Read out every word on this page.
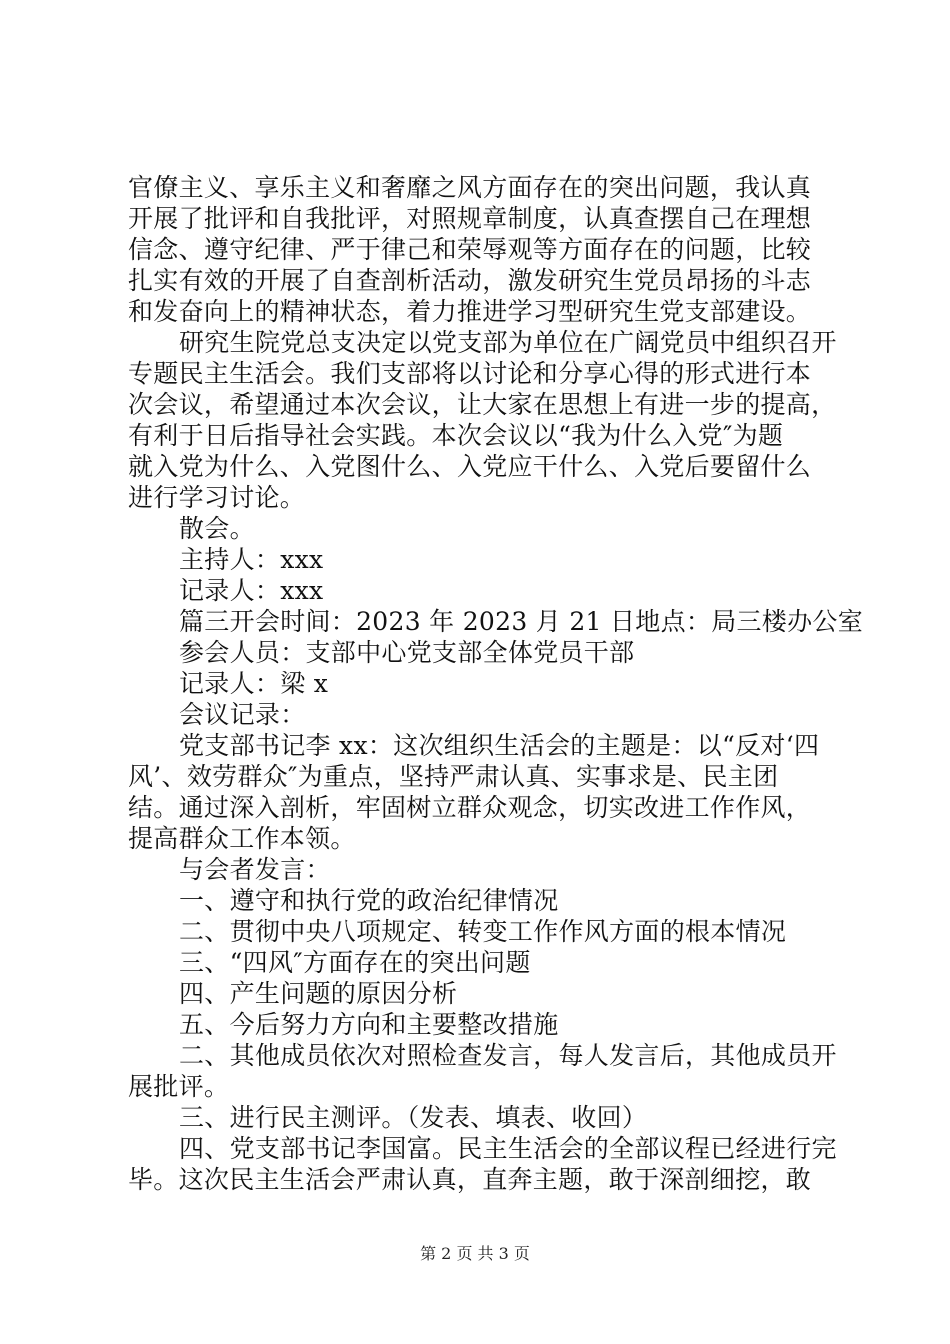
官僚主义、享乐主义和奢靡之风方面存在的突出问题，我认真
开展了批评和自我批评，对照规章制度，认真查摆自己在理想
信念、遵守纪律、严于律己和荣辱观等方面存在的问题，比较
扎实有效的开展了自查剖析活动，激发研究生党员昂扬的斗志
和发奋向上的精神状态，着力推进学习型研究生党支部建设。
研究生院党总支决定以党支部为单位在广阔党员中组织召开
专题民主生活会。我们支部将以讨论和分享心得的形式进行本
次会议，希望通过本次会议，让大家在思想上有进一步的提高，
有利于日后指导社会实践。本次会议以“我为什么入党″为题
就入党为什么、入党图什么、入党应干什么、入党后要留什么
进行学习讨论。
散会。
主持人：xxx
记录人：xxx
篇三开会时间：2023 年 2023 月 21 日地点：局三楼办公室
参会人员：支部中心党支部全体党员干部
记录人：梁 x
会议记录：
党支部书记李 xx：这次组织生活会的主题是：以“反对‘四
风’、效劳群众″为重点，坚持严肃认真、实事求是、民主团
结。通过深入剖析，牢固树立群众观念，切实改进工作作风，
提高群众工作本领。
与会者发言：
一、遵守和执行党的政治纪律情况
二、贯彻中央八项规定、转变工作作风方面的根本情况
三、“四风″方面存在的突出问题
四、产生问题的原因分析
五、今后努力方向和主要整改措施
二、其他成员依次对照检查发言，每人发言后，其他成员开
展批评。
三、进行民主测评。（发表、填表、收回）
四、党支部书记李国富。民主生活会的全部议程已经进行完
毕。这次民主生活会严肃认真，直奔主题，敢于深剖细挖，敢
第 2 页 共 3 页
